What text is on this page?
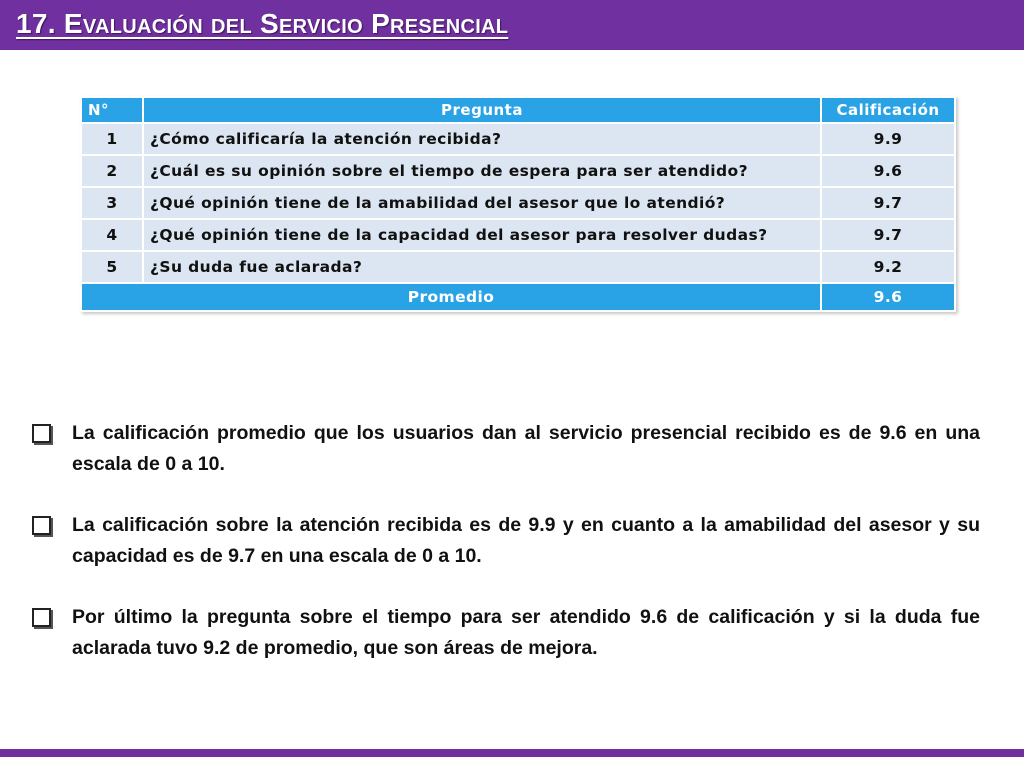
17. Evaluación del Servicio Presencial
N°	Pregunta	Calificación
1	¿Cómo calificaría la atención recibida?	9.9
2	¿Cuál es su opinión sobre el tiempo de espera para ser atendido?	9.6
3	¿Qué opinión tiene de la amabilidad del asesor que lo atendió?	9.7
4	¿Qué opinión tiene de la capacidad del asesor para resolver dudas?	9.7
5	¿Su duda fue aclarada?	9.2
Promedio		9.6
La calificación promedio que los usuarios dan al servicio presencial recibido es de 9.6 en una escala de 0 a 10.
La calificación sobre la atención recibida es de 9.9 y en cuanto a la amabilidad del asesor y su capacidad es de 9.7 en una escala de 0 a 10.
Por último la pregunta sobre el tiempo para ser atendido 9.6 de calificación y si la duda fue aclarada tuvo 9.2 de promedio, que son áreas de mejora.
